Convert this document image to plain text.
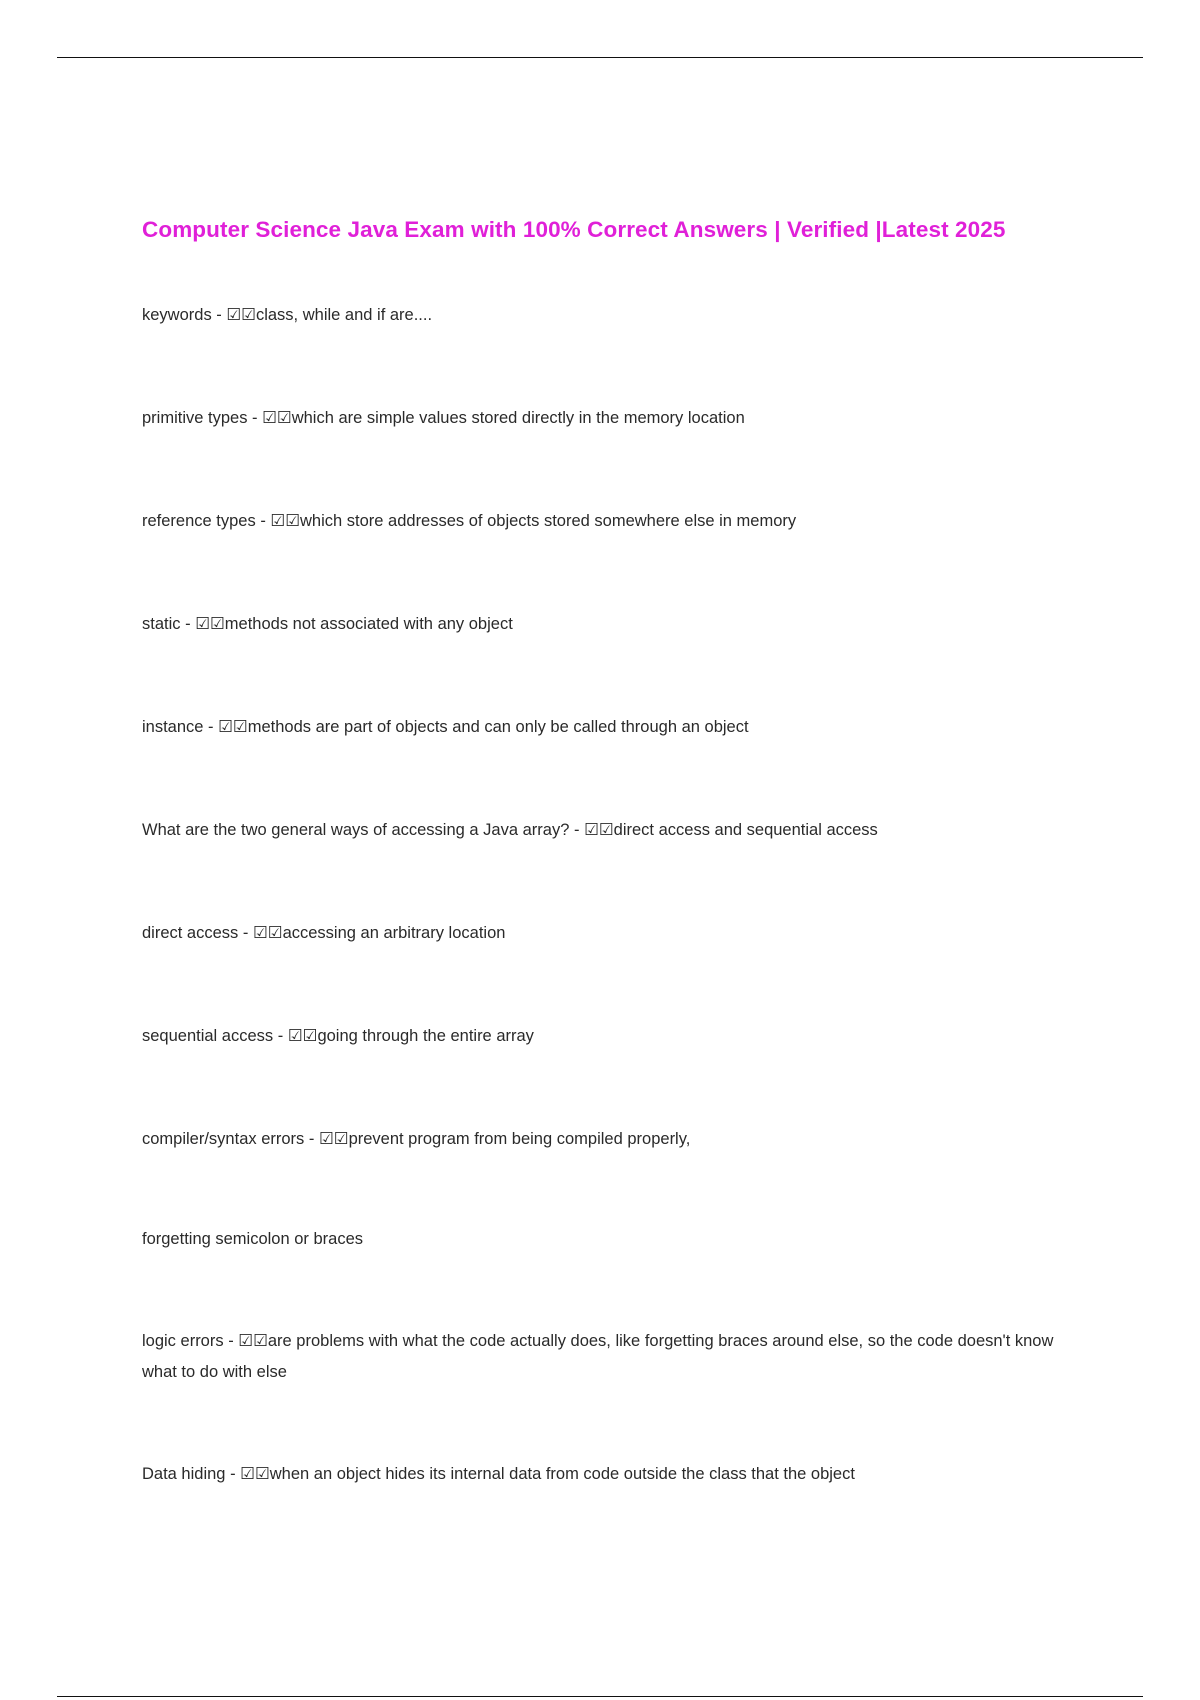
Computer Science Java Exam with 100% Correct Answers | Verified |Latest 2025

keywords - ☑☑class, while and if are....

primitive types - ☑☑which are simple values stored directly in the memory location

reference types - ☑☑which store addresses of objects stored somewhere else in memory

static - ☑☑methods not associated with any object

instance - ☑☑methods are part of objects and can only be called through an object

What are the two general ways of accessing a Java array? - ☑☑direct access and sequential access

direct access - ☑☑accessing an arbitrary location

sequential access - ☑☑going through the entire array

compiler/syntax errors - ☑☑prevent program from being compiled properly,

forgetting semicolon or braces

logic errors - ☑☑are problems with what the code actually does, like forgetting braces around else, so the code doesn't know what to do with else

Data hiding - ☑☑when an object hides its internal data from code outside the class that the object
